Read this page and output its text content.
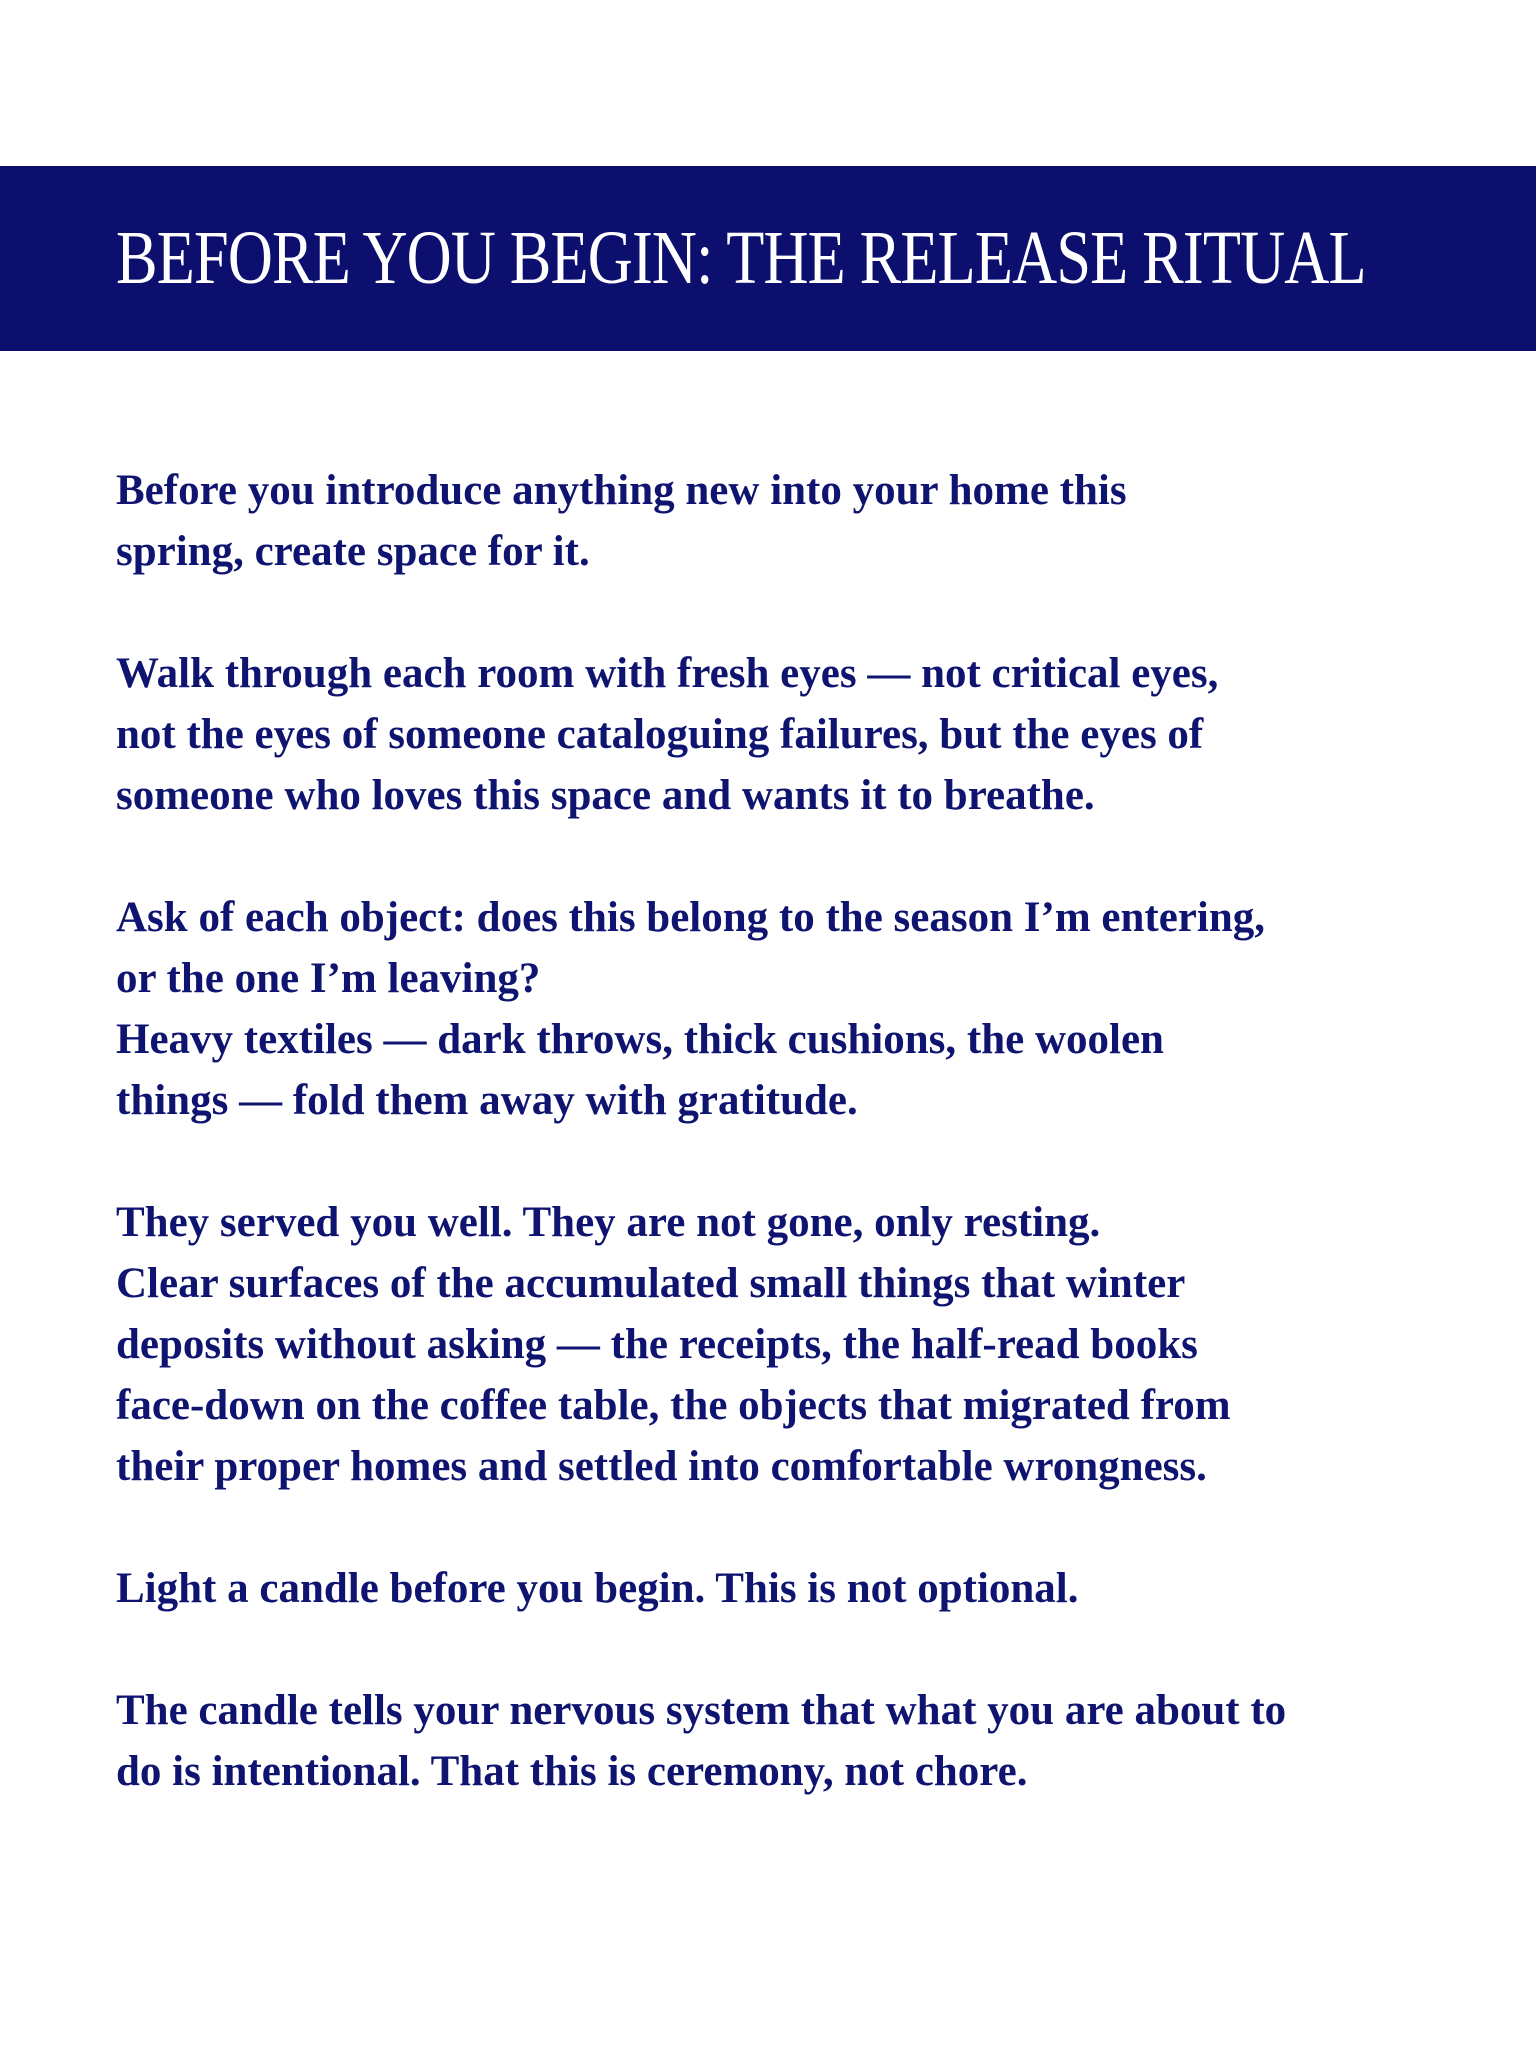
BEFORE YOU BEGIN: THE RELEASE RITUAL

Before you introduce anything new into your home this
spring, create space for it.

Walk through each room with fresh eyes — not critical eyes,
not the eyes of someone cataloguing failures, but the eyes of
someone who loves this space and wants it to breathe.

Ask of each object: does this belong to the season I’m entering,
or the one I’m leaving?
Heavy textiles — dark throws, thick cushions, the woolen
things — fold them away with gratitude.

They served you well. They are not gone, only resting.
Clear surfaces of the accumulated small things that winter
deposits without asking — the receipts, the half-read books
face-down on the coffee table, the objects that migrated from
their proper homes and settled into comfortable wrongness.

Light a candle before you begin. This is not optional.

The candle tells your nervous system that what you are about to
do is intentional. That this is ceremony, not chore.
